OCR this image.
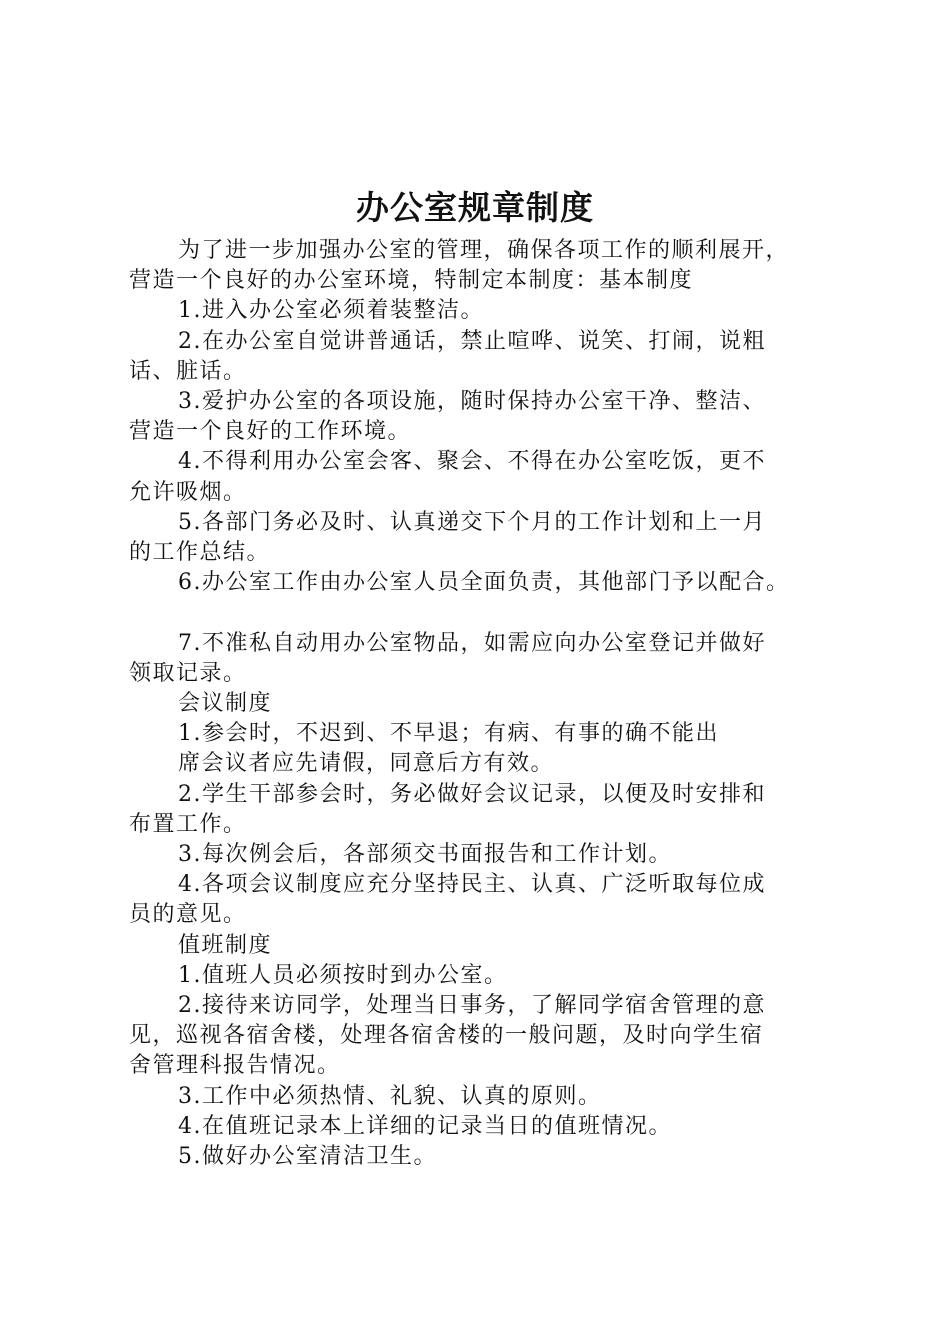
办公室规章制度
为了进一步加强办公室的管理，确保各项工作的顺利展开，
营造一个良好的办公室环境，特制定本制度：基本制度
1.进入办公室必须着装整洁。
2.在办公室自觉讲普通话，禁止喧哗、说笑、打闹，说粗
话、脏话。
3.爱护办公室的各项设施，随时保持办公室干净、整洁、
营造一个良好的工作环境。
4.不得利用办公室会客、聚会、不得在办公室吃饭，更不
允许吸烟。
5.各部门务必及时、认真递交下个月的工作计划和上一月
的工作总结。
6.办公室工作由办公室人员全面负责，其他部门予以配合。
7.不准私自动用办公室物品，如需应向办公室登记并做好
领取记录。
会议制度
1.参会时，不迟到、不早退；有病、有事的确不能出
席会议者应先请假，同意后方有效。
2.学生干部参会时，务必做好会议记录，以便及时安排和
布置工作。
3.每次例会后，各部须交书面报告和工作计划。
4.各项会议制度应充分坚持民主、认真、广泛听取每位成
员的意见。
值班制度
1.值班人员必须按时到办公室。
2.接待来访同学，处理当日事务，了解同学宿舍管理的意
见，巡视各宿舍楼，处理各宿舍楼的一般问题，及时向学生宿
舍管理科报告情况。
3.工作中必须热情、礼貌、认真的原则。
4.在值班记录本上详细的记录当日的值班情况。
5.做好办公室清洁卫生。
